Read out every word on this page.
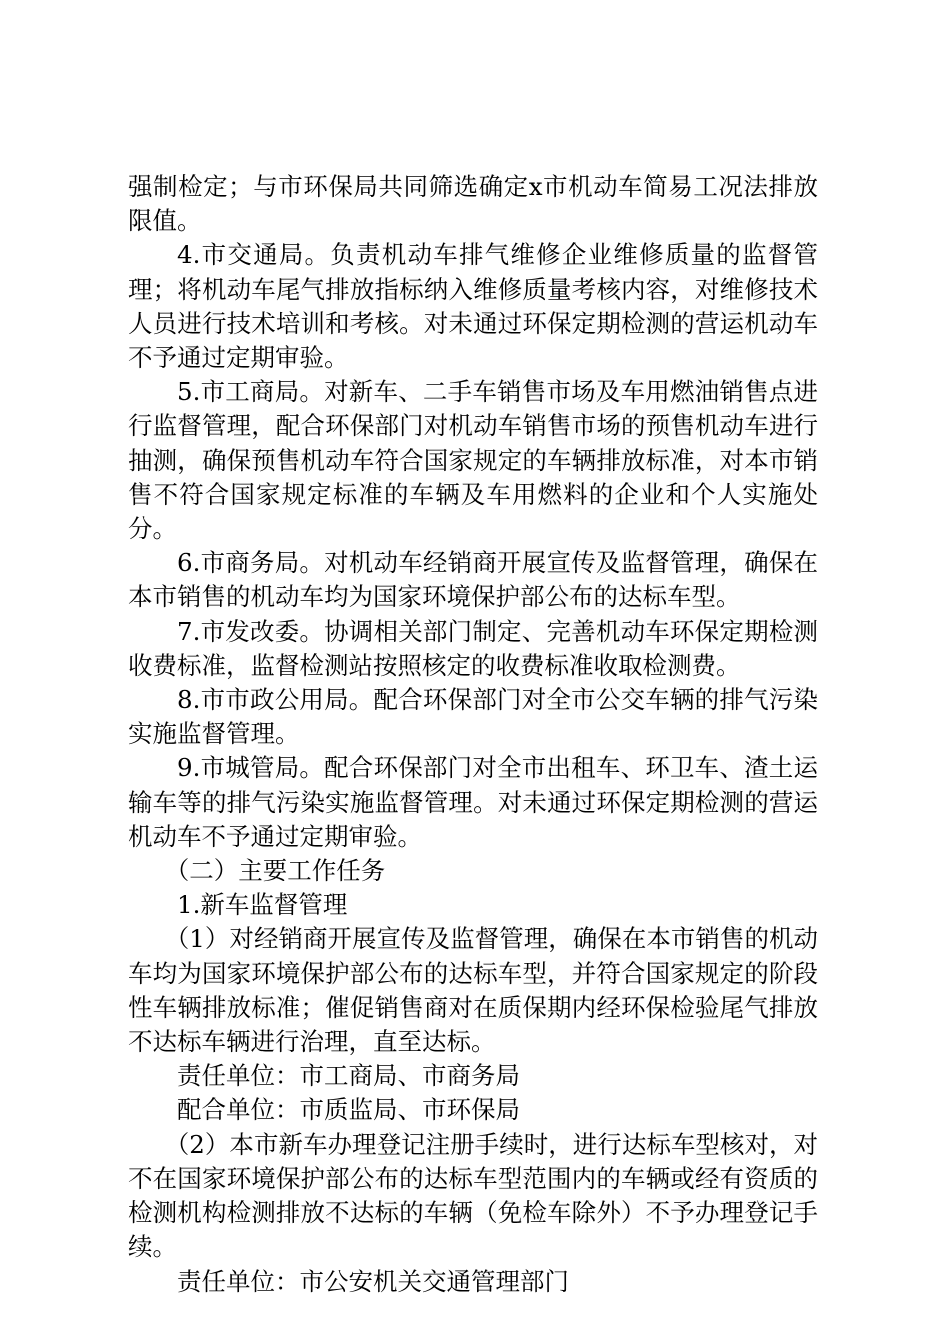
强制检定；与市环保局共同筛选确定x市机动车简易工况法排放限值。

4.市交通局。负责机动车排气维修企业维修质量的监督管理；将机动车尾气排放指标纳入维修质量考核内容，对维修技术人员进行技术培训和考核。对未通过环保定期检测的营运机动车不予通过定期审验。

5.市工商局。对新车、二手车销售市场及车用燃油销售点进行监督管理，配合环保部门对机动车销售市场的预售机动车进行抽测，确保预售机动车符合国家规定的车辆排放标准，对本市销售不符合国家规定标准的车辆及车用燃料的企业和个人实施处分。

6.市商务局。对机动车经销商开展宣传及监督管理，确保在本市销售的机动车均为国家环境保护部公布的达标车型。

7.市发改委。协调相关部门制定、完善机动车环保定期检测收费标准，监督检测站按照核定的收费标准收取检测费。

8.市市政公用局。配合环保部门对全市公交车辆的排气污染实施监督管理。

9.市城管局。配合环保部门对全市出租车、环卫车、渣土运输车等的排气污染实施监督管理。对未通过环保定期检测的营运机动车不予通过定期审验。

（二）主要工作任务

1.新车监督管理

（1）对经销商开展宣传及监督管理，确保在本市销售的机动车均为国家环境保护部公布的达标车型，并符合国家规定的阶段性车辆排放标准；催促销售商对在质保期内经环保检验尾气排放不达标车辆进行治理，直至达标。

责任单位：市工商局、市商务局

配合单位：市质监局、市环保局

（2）本市新车办理登记注册手续时，进行达标车型核对，对不在国家环境保护部公布的达标车型范围内的车辆或经有资质的检测机构检测排放不达标的车辆（免检车除外）不予办理登记手续。

责任单位：市公安机关交通管理部门
